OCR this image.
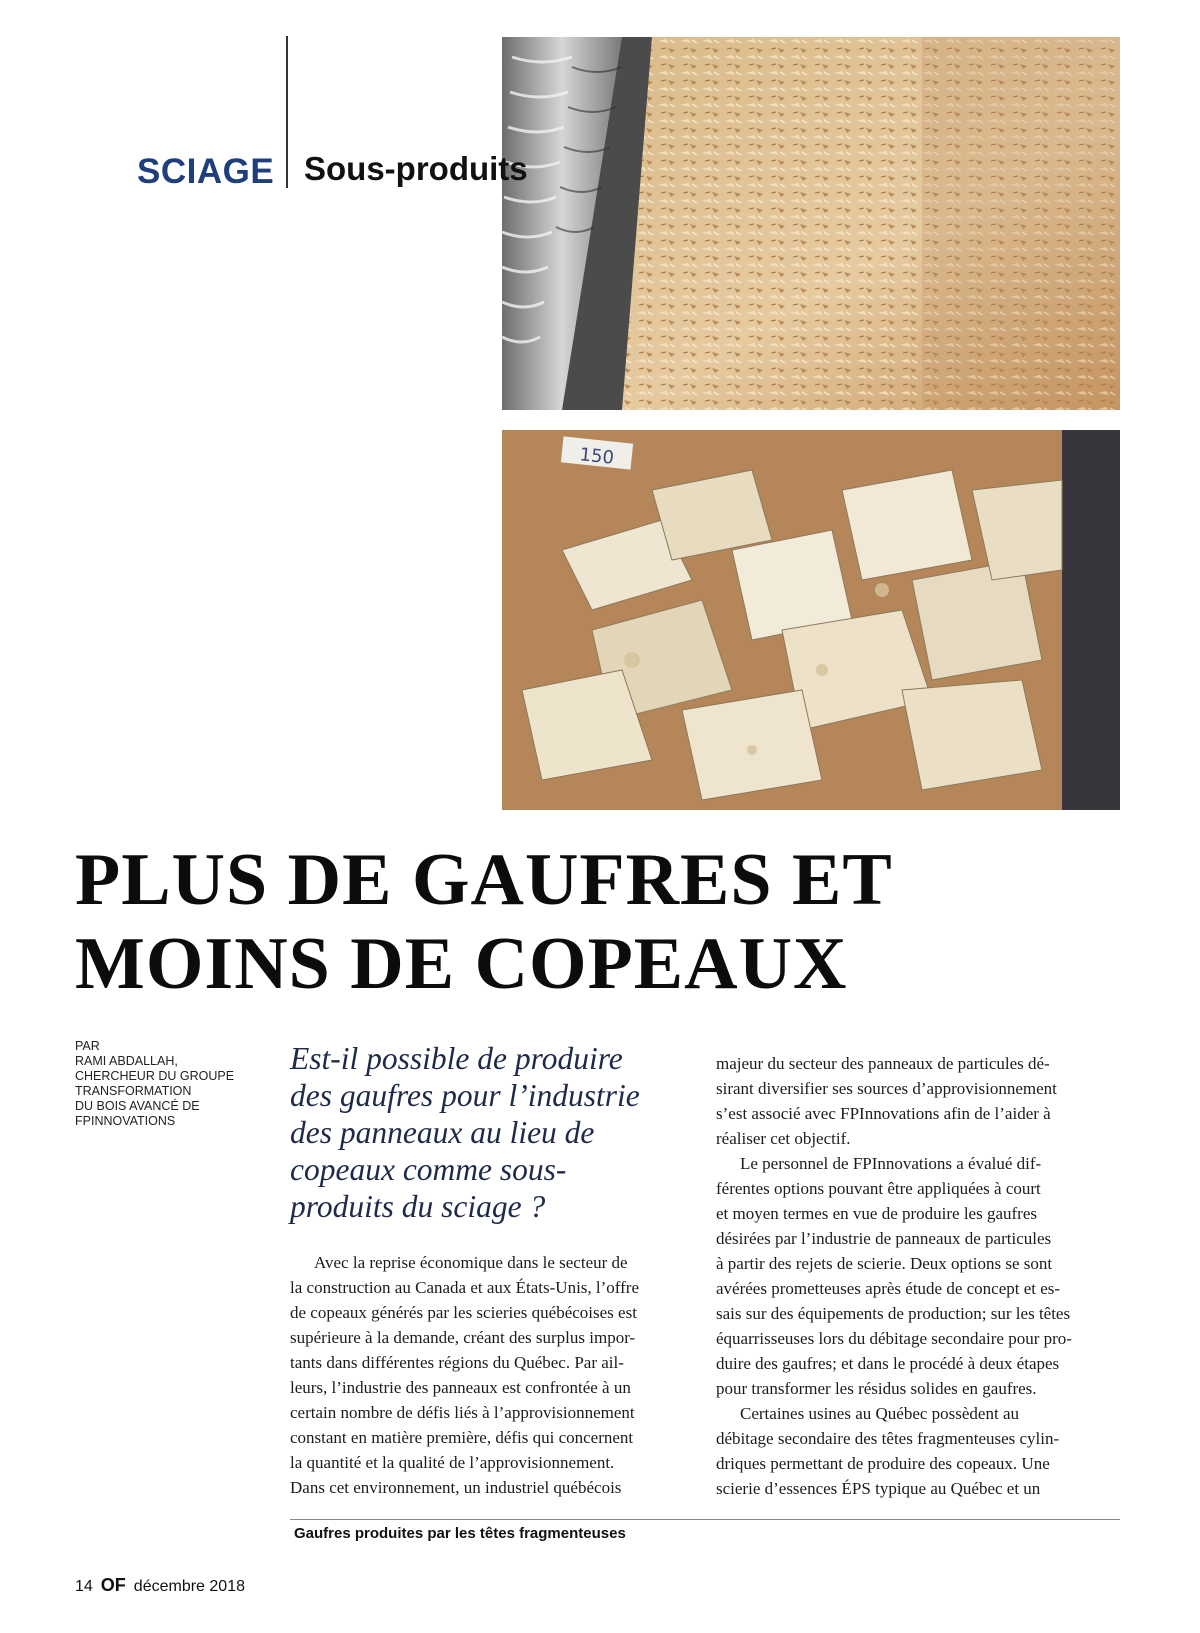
SCIAGE Sous-produits
150
PLUS DE GAUFRES ET
MOINS DE COPEAUX
PAR
RAMI ABDALLAH,
CHERCHEUR DU GROUPE
TRANSFORMATION
DU BOIS AVANCÉ DE
FPINNOVATIONS
Est-il possible de produire
des gaufres pour l’industrie
des panneaux au lieu de
copeaux comme sous-
produits du sciage ?
Avec la reprise économique dans le secteur de
la construction au Canada et aux États-Unis, l’offre
de copeaux générés par les scieries québécoises est
supérieure à la demande, créant des surplus impor-
tants dans différentes régions du Québec. Par ail-
leurs, l’industrie des panneaux est confrontée à un
certain nombre de défis liés à l’approvisionnement
constant en matière première, défis qui concernent
la quantité et la qualité de l’approvisionnement.
Dans cet environnement, un industriel québécois
majeur du secteur des panneaux de particules dé-
sirant diversifier ses sources d’approvisionnement
s’est associé avec FPInnovations afin de l’aider à
réaliser cet objectif.
Le personnel de FPInnovations a évalué dif-
férentes options pouvant être appliquées à court
et moyen termes en vue de produire les gaufres
désirées par l’industrie de panneaux de particules
à partir des rejets de scierie. Deux options se sont
avérées prometteuses après étude de concept et es-
sais sur des équipements de production; sur les têtes
équarrisseuses lors du débitage secondaire pour pro-
duire des gaufres; et dans le procédé à deux étapes
pour transformer les résidus solides en gaufres.
Certaines usines au Québec possèdent au
débitage secondaire des têtes fragmenteuses cylin-
driques permettant de produire des copeaux. Une
scierie d’essences ÉPS typique au Québec et un
Gaufres produites par les têtes fragmenteuses
14 OF décembre 2018
